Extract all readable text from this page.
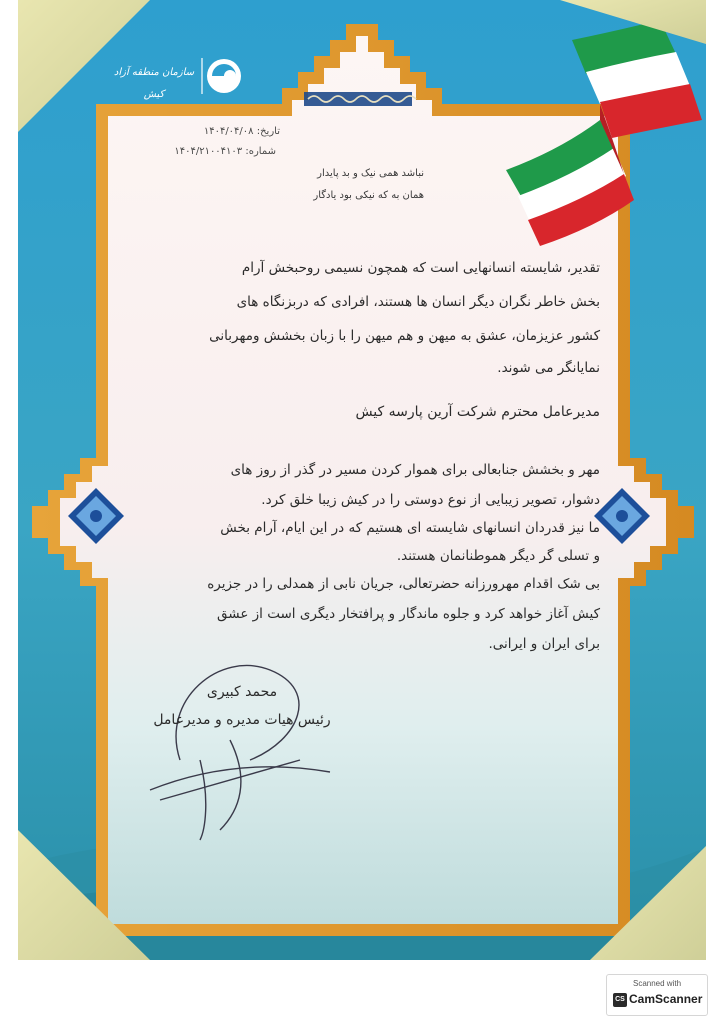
سازمان منطقه آزاد کیش
تاریخ: ۱۴۰۴/۰۴/۰۸
شماره: ۱۴۰۴/۲۱۰۰۴۱۰۳
نباشد همی نیک و بد پایدار
همان به که نیکی بود یادگار
تقدیر، شایسته انسانهایی است که همچون نسیمی روحبخش آرام
بخش خاطر نگران دیگر انسان ها هستند، افرادی که دربزنگاه های
کشور عزیزمان، عشق به میهن و هم میهن را با زبان بخشش ومهربانی
نمایانگر می شوند.
مدیرعامل محترم شرکت آرین پارسه کیش
مهر و بخشش جنابعالی برای هموار کردن مسیر در گذر از روز های
دشوار، تصویر زیبایی از نوع دوستی را در کیش زیبا خلق کرد.
ما نیز قدردان انسانهای شایسته ای هستیم که در این ایام، آرام بخش
و تسلی گر دیگر هموطنانمان هستند.
بی شک اقدام مهرورزانه حضرتعالی، جریان نابی از همدلی را در جزیره
کیش آغاز خواهد کرد و جلوه ماندگار و پرافتخار دیگری است از عشق
برای ایران و ایرانی.
محمد کبیری
رئیس هیات مدیره و مدیرعامل
Scanned with
CS CamScanner
